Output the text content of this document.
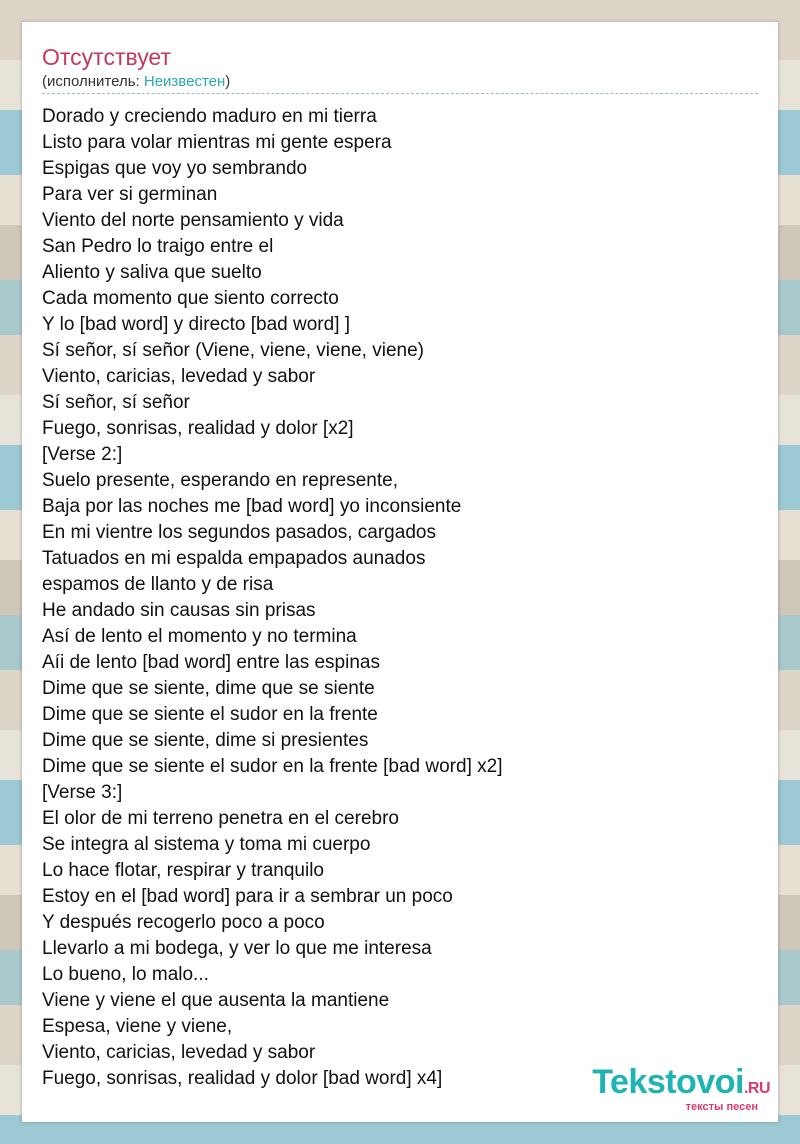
Отсутствует
(исполнитель: Неизвестен)
Dorado y creciendo maduro en mi tierra
Listo para volar mientras mi gente espera
Espigas que voy yo sembrando
Para ver si germinan
Viento del norte pensamiento y vida
San Pedro lo traigo entre el
Aliento y saliva que suelto
Cada momento que siento correcto
Y lo [bad word] y directo [bad word] ]
Sí señor, sí señor (Viene, viene, viene, viene)
Viento, caricias, levedad y sabor
Sí señor, sí señor
Fuego, sonrisas, realidad y dolor [x2]
[Verse 2:]
Suelo presente, esperando en represente,
Baja por las noches me [bad word] yo inconsiente
En mi vientre los segundos pasados, cargados
Tatuados en mi espalda empapados aunados
espamos de llanto y de risa
He andado sin causas sin prisas
Así de lento el momento y no termina
Aíi de lento [bad word] entre las espinas
Dime que se siente, dime que se siente
Dime que se siente el sudor en la frente
Dime que se siente, dime si presientes
Dime que se siente el sudor en la frente [bad word] x2]
[Verse 3:]
El olor de mi terreno penetra en el cerebro
Se integra al sistema y toma mi cuerpo
Lo hace flotar, respirar y tranquilo
Estoy en el [bad word] para ir a sembrar un poco
Y después recogerlo poco a poco
Llevarlo a mi bodega, y ver lo que me interesa
Lo bueno, lo malo...
Viene y viene el que ausenta la mantiene
Espesa, viene y viene,
Viento, caricias, levedad y sabor
Fuego, sonrisas, realidad y dolor [bad word] x4]	Tekstovoi.RU
тексты песен
